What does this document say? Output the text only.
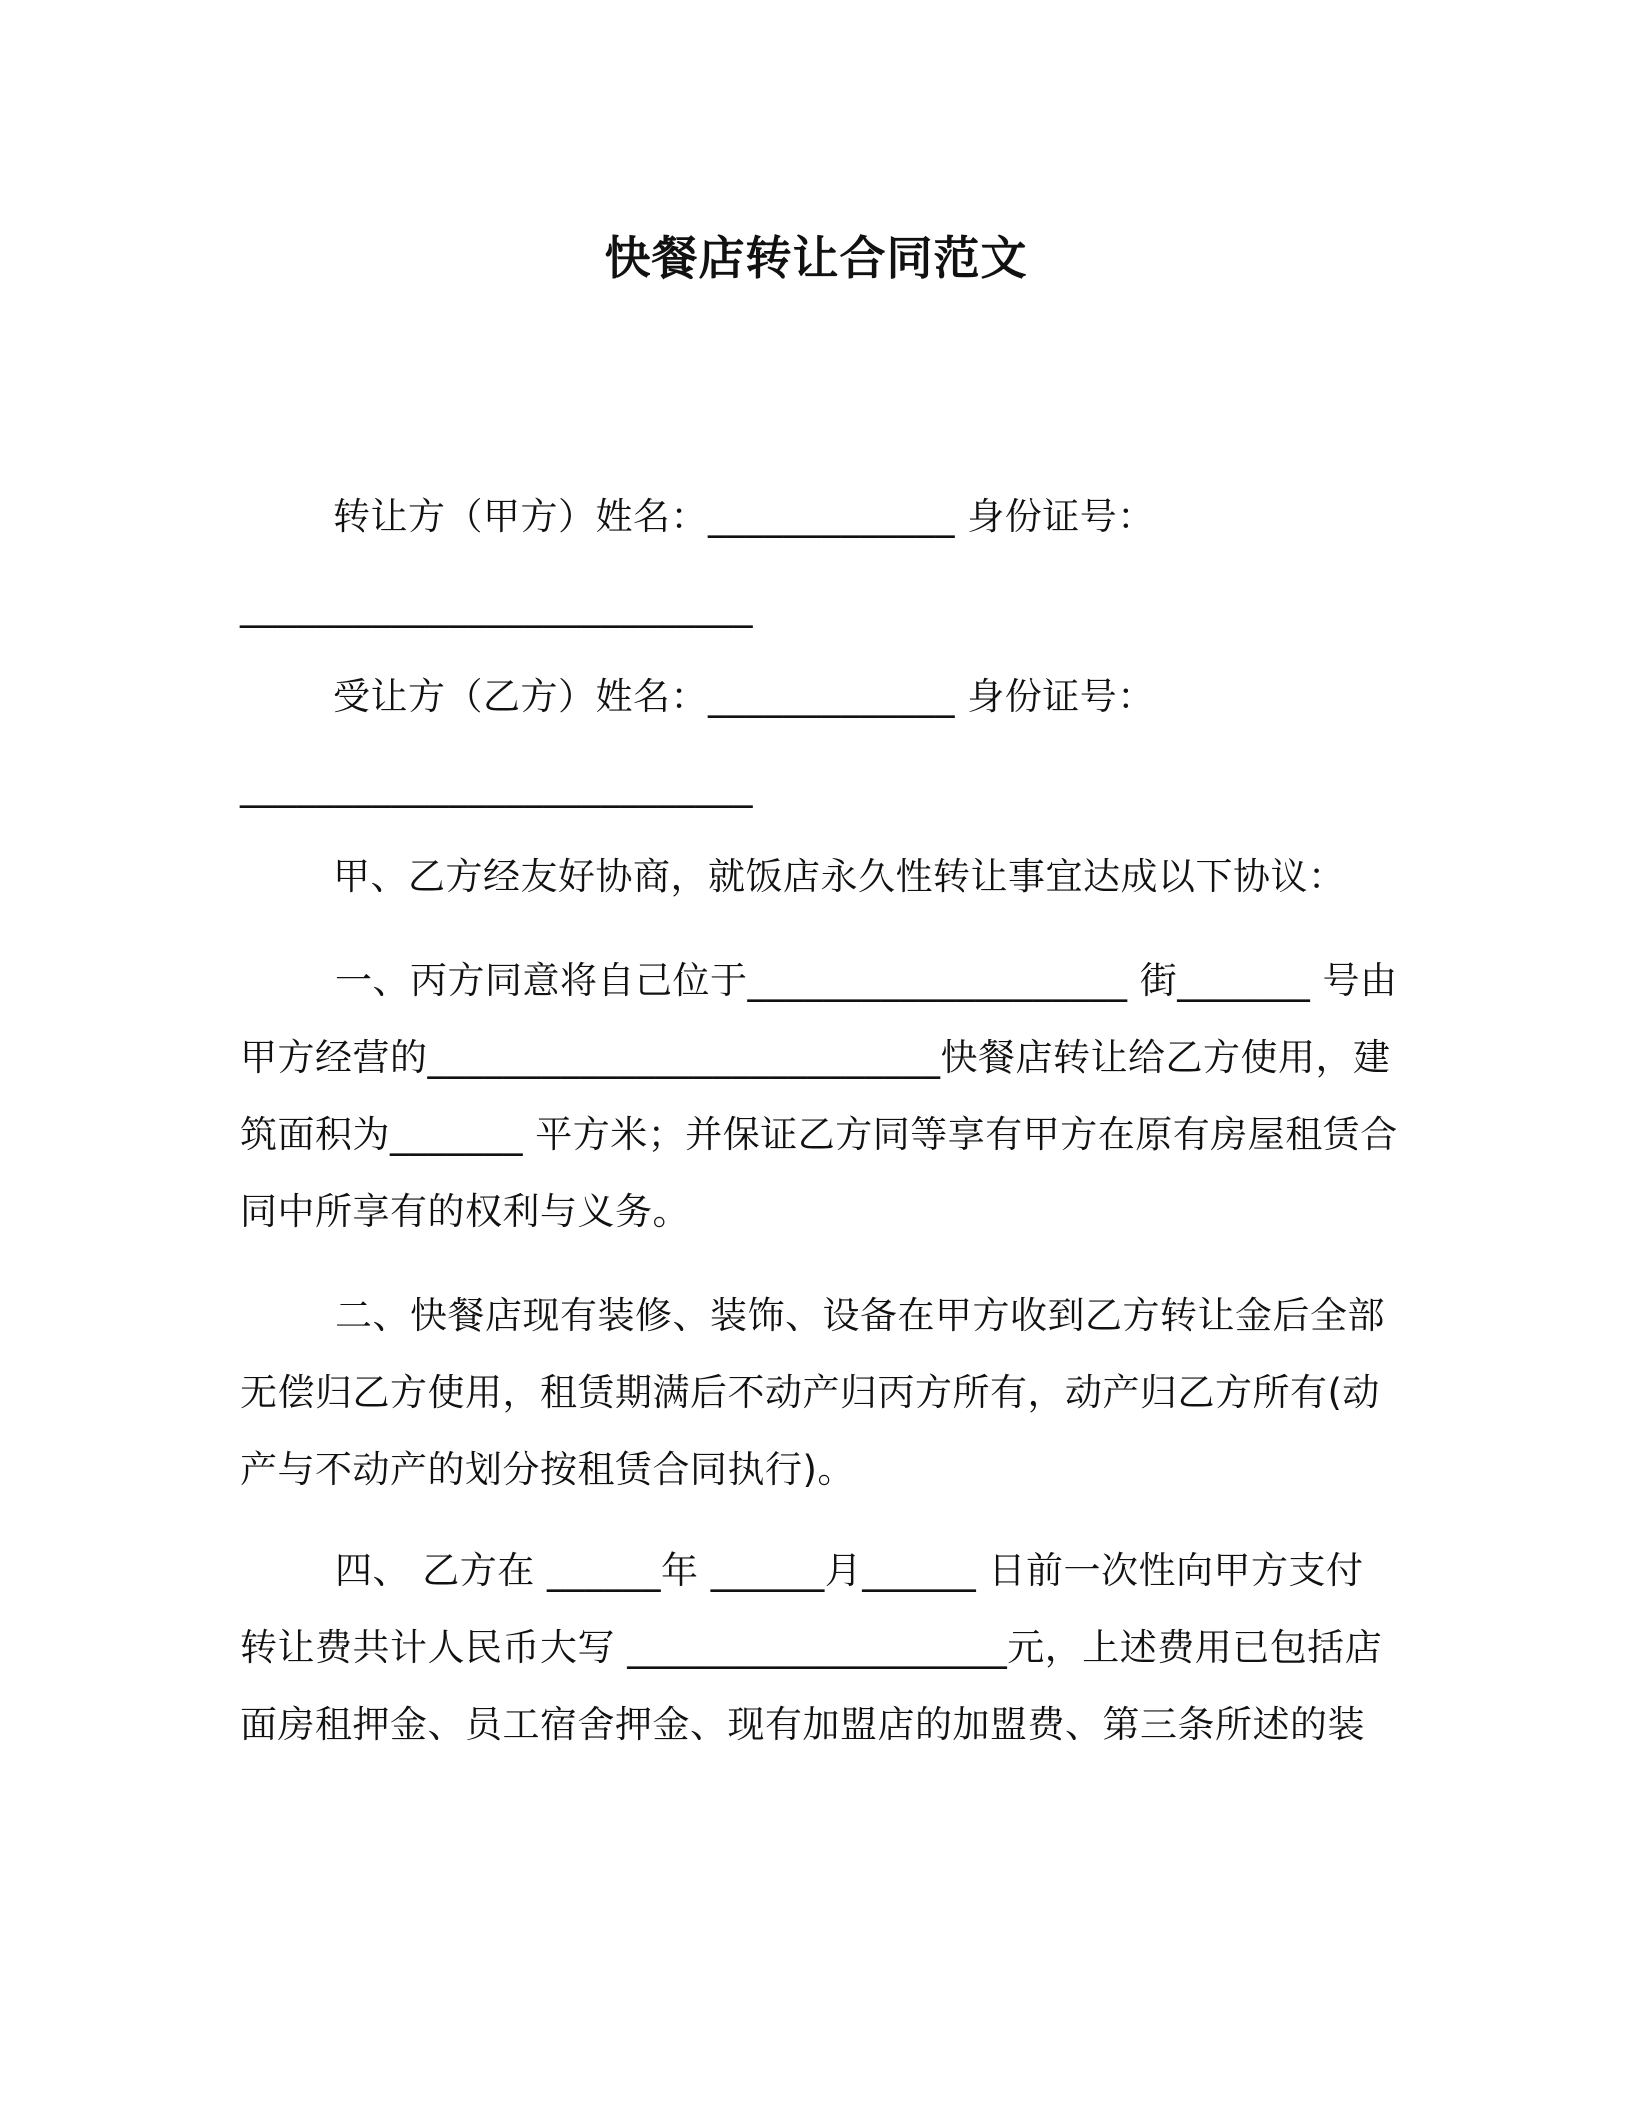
快餐店转让合同范文
转让方（甲方）姓名：_____________ 身份证号：
___________________________
受让方（乙方）姓名：_____________ 身份证号：
___________________________
甲、乙方经友好协商，就饭店永久性转让事宜达成以下协议：
一、丙方同意将自己位于____________________ 街_______ 号由甲方经营的___________________________快餐店转让给乙方使用，建筑面积为_______ 平方米；并保证乙方同等享有甲方在原有房屋租赁合同中所享有的权利与义务。
二、快餐店现有装修、装饰、设备在甲方收到乙方转让金后全部无偿归乙方使用，租赁期满后不动产归丙方所有，动产归乙方所有(动产与不动产的划分按租赁合同执行)。
四、 乙方在 ______年 ______月______ 日前一次性向甲方支付转让费共计人民币大写 ____________________元，上述费用已包括店面房租押金、员工宿舍押金、现有加盟店的加盟费、第三条所述的装
